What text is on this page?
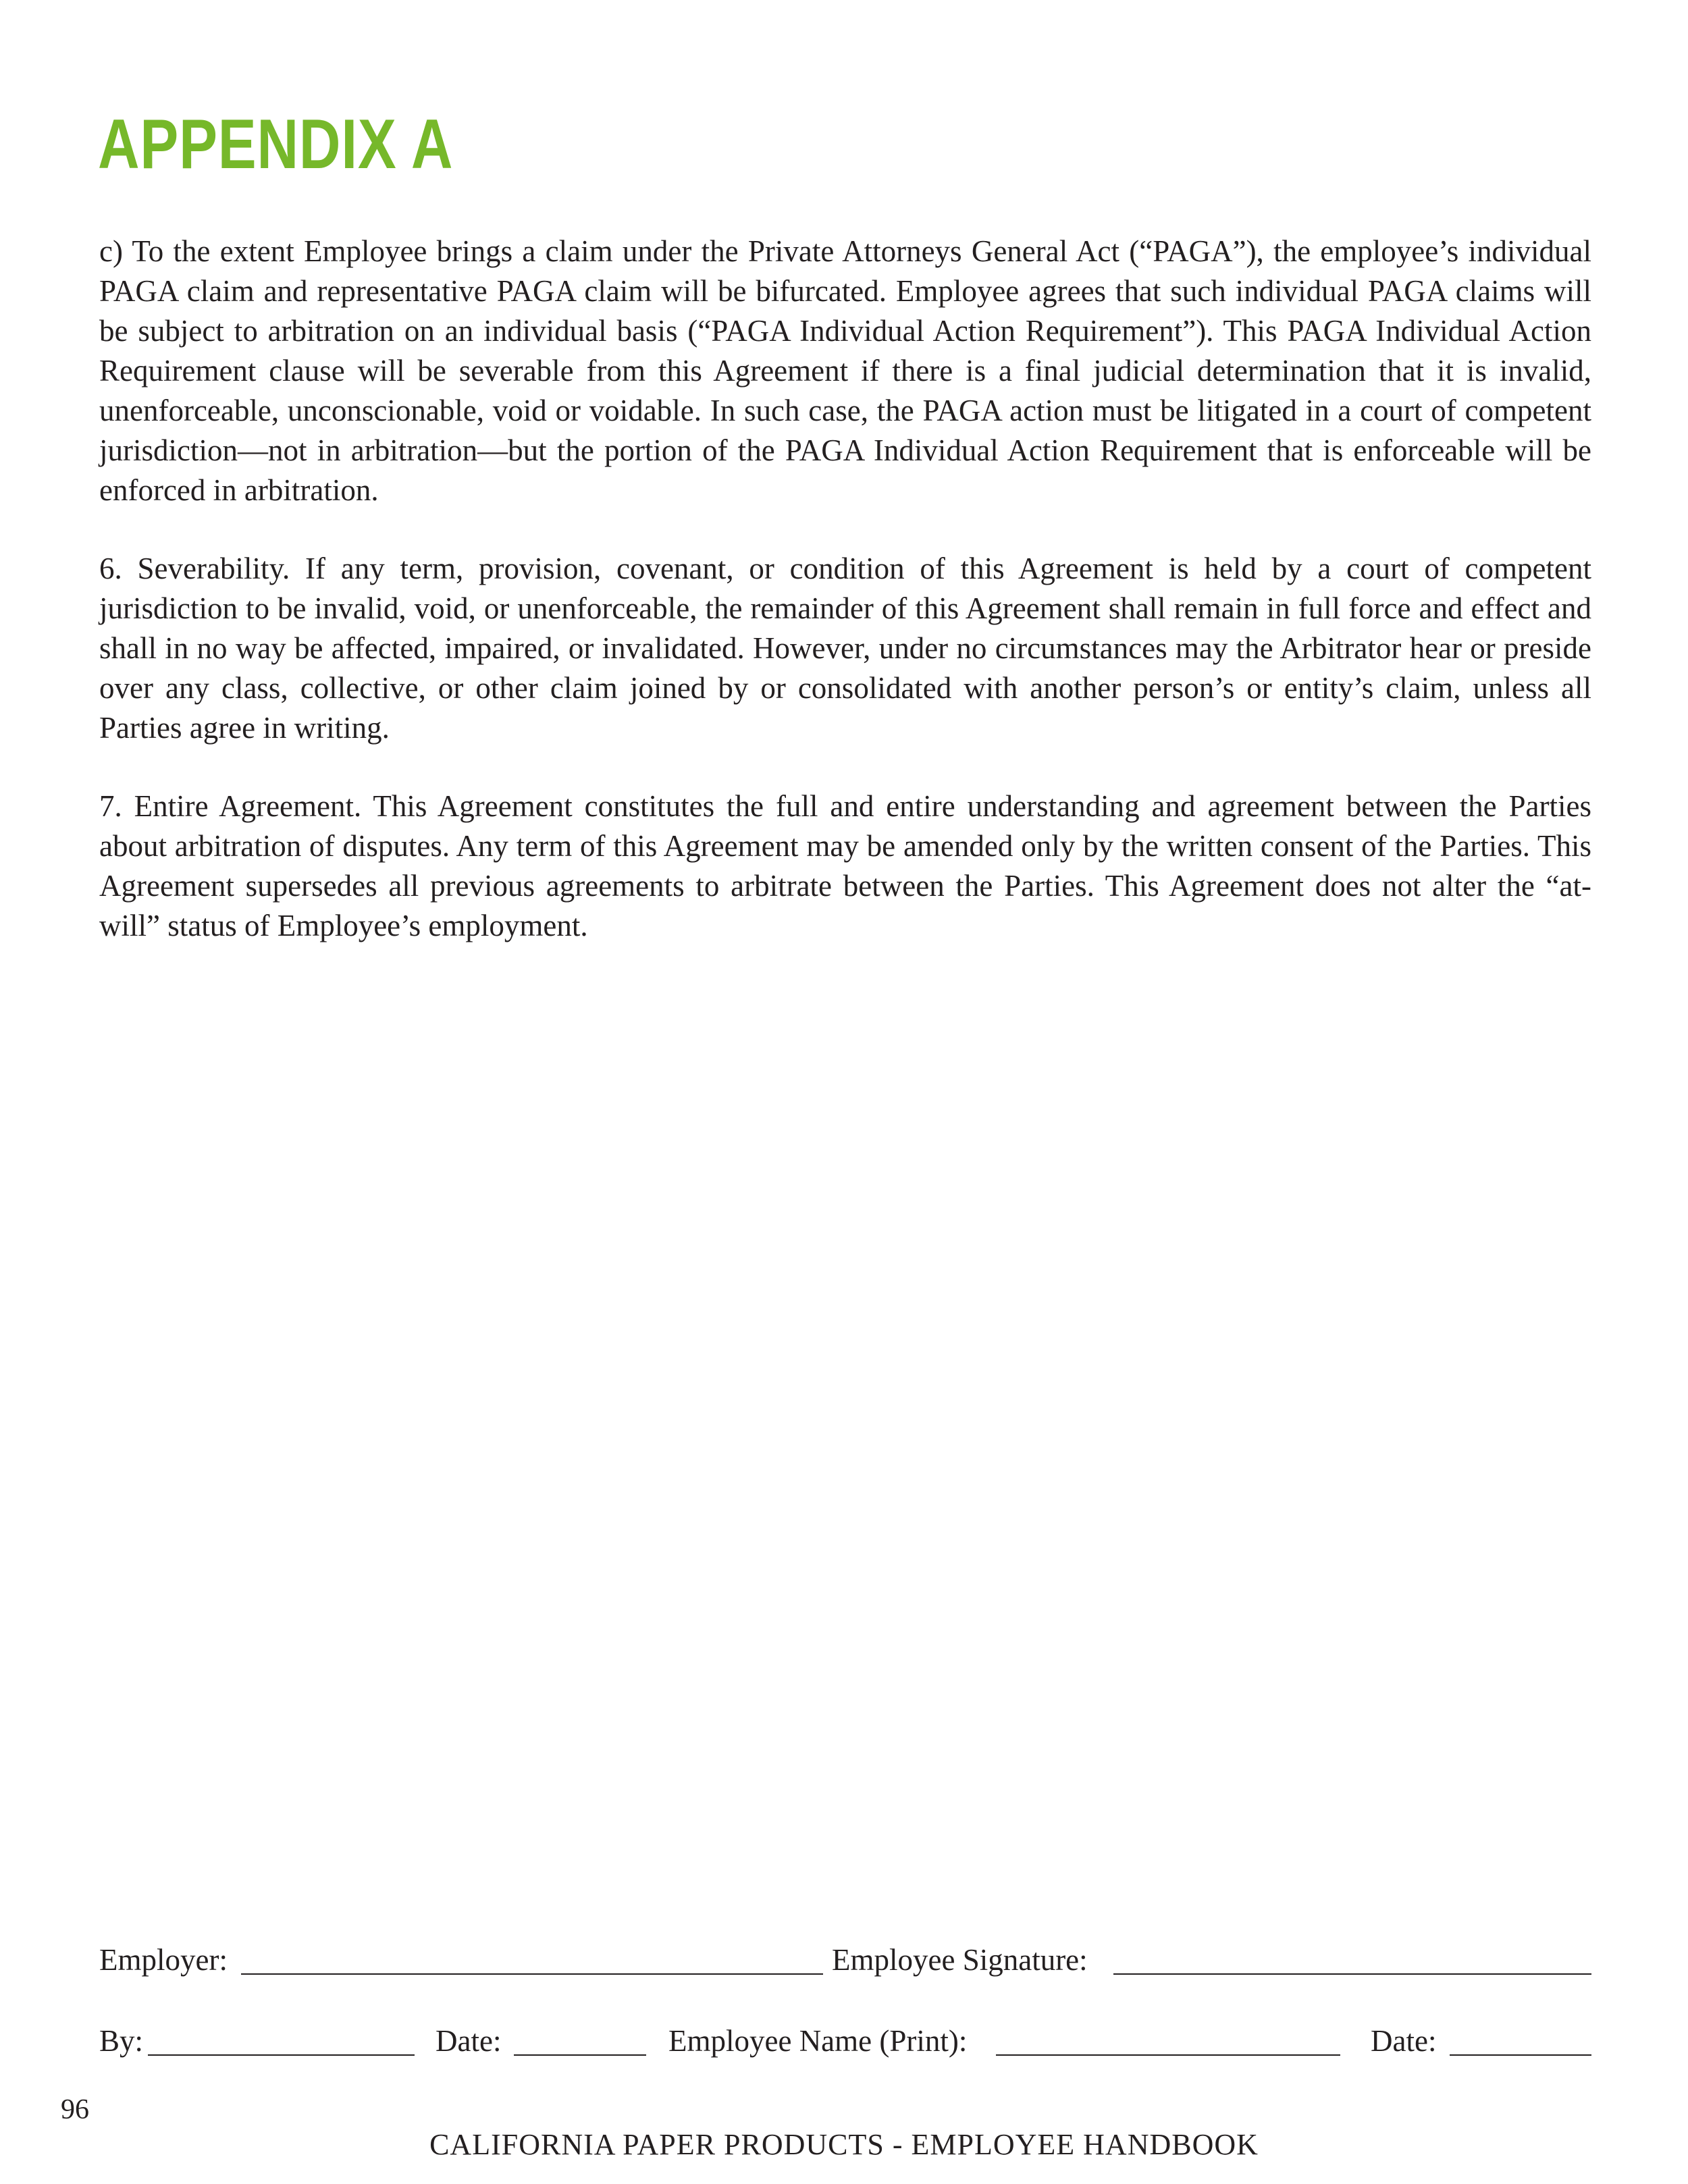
APPENDIX A

c) To the extent Employee brings a claim under the Private Attorneys General Act (“PAGA”), the employee’s individual PAGA claim and representative PAGA claim will be bifurcated. Employee agrees that such individual PAGA claims will be subject to arbitration on an individual basis (“PAGA Individual Action Requirement”). This PAGA Individual Action Requirement clause will be severable from this Agreement if there is a final judicial determination that it is invalid, unenforceable, unconscionable, void or voidable. In such case, the PAGA action must be litigated in a court of competent jurisdiction—not in arbitration—but the portion of the PAGA Individual Action Requirement that is enforceable will be enforced in arbitration.

6. Severability. If any term, provision, covenant, or condition of this Agreement is held by a court of competent jurisdiction to be invalid, void, or unenforceable, the remainder of this Agreement shall remain in full force and effect and shall in no way be affected, impaired, or invalidated. However, under no circumstances may the Arbitrator hear or preside over any class, collective, or other claim joined by or consolidated with another person’s or entity’s claim, unless all Parties agree in writing.

7. Entire Agreement. This Agreement constitutes the full and entire understanding and agreement between the Parties about arbitration of disputes. Any term of this Agreement may be amended only by the written consent of the Parties. This Agreement supersedes all previous agreements to arbitrate between the Parties. This Agreement does not alter the “at-will” status of Employee’s employment.

Employer:	Employee Signature:
By:	Date:	Employee Name (Print):	Date:
96
CALIFORNIA PAPER PRODUCTS - EMPLOYEE HANDBOOK
